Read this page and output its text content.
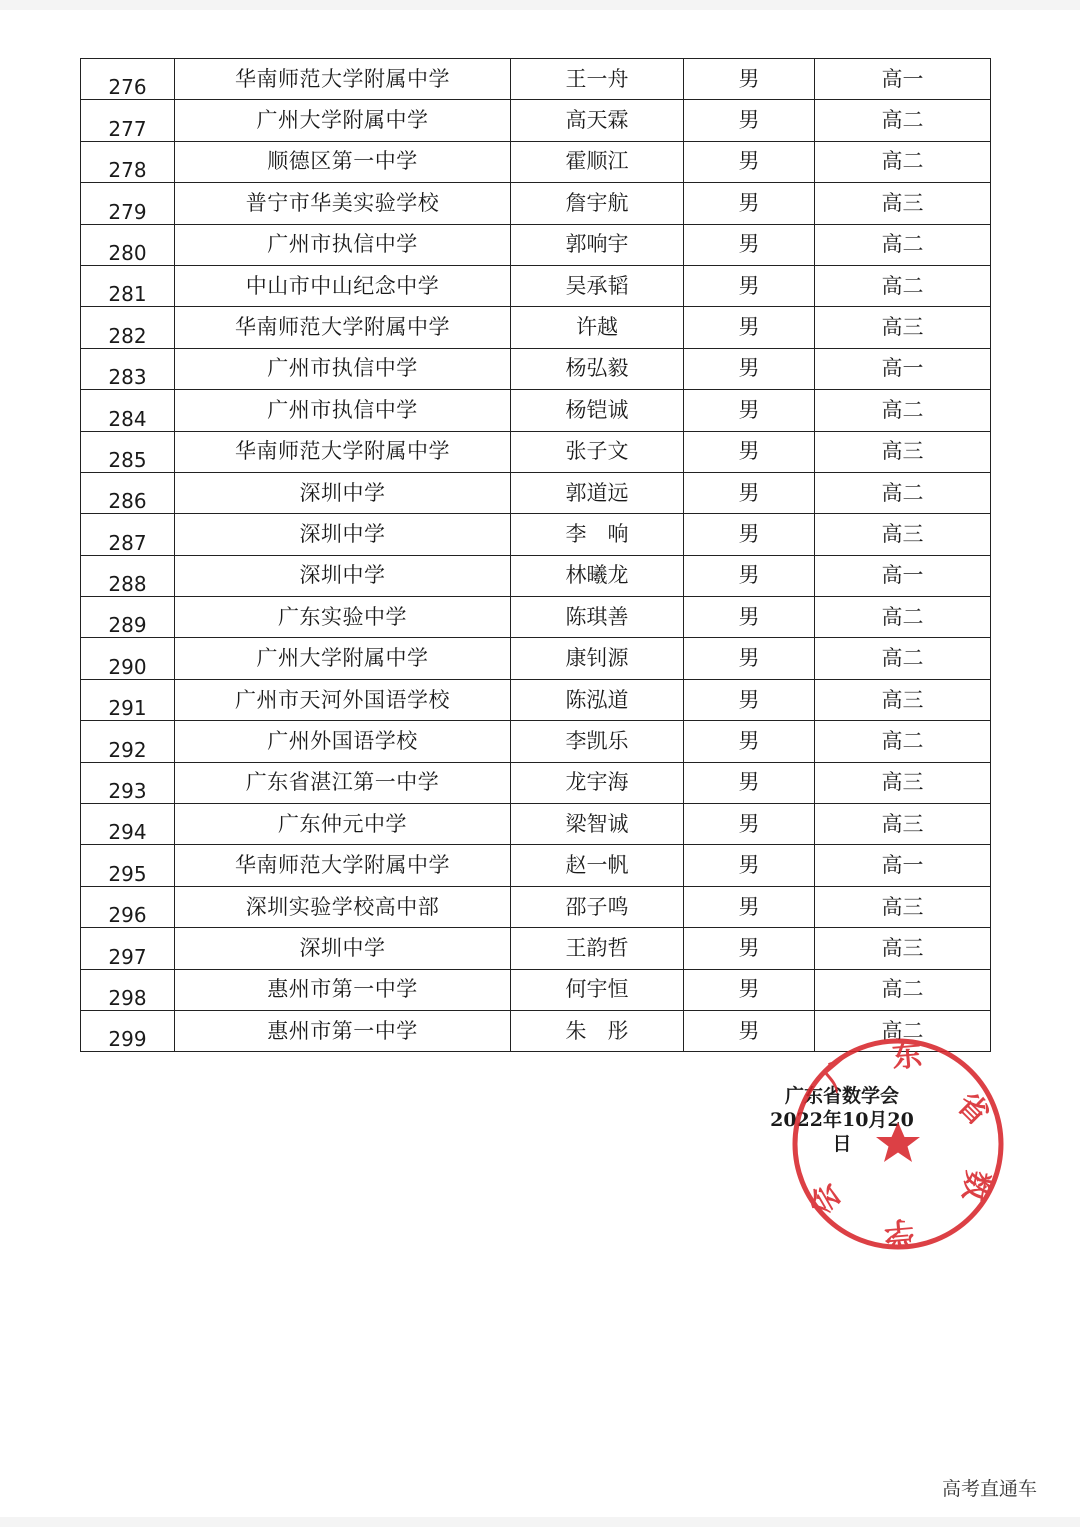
276	华南师范大学附属中学	王一舟	男	高一
277	广州大学附属中学	高天霖	男	高二
278	顺德区第一中学	霍顺江	男	高二
279	普宁市华美实验学校	詹宇航	男	高三
280	广州市执信中学	郭响宇	男	高二
281	中山市中山纪念中学	吴承韬	男	高二
282	华南师范大学附属中学	许越	男	高三
283	广州市执信中学	杨弘毅	男	高一
284	广州市执信中学	杨铠诚	男	高二
285	华南师范大学附属中学	张子文	男	高三
286	深圳中学	郭道远	男	高二
287	深圳中学	李　响	男	高三
288	深圳中学	林曦龙	男	高一
289	广东实验中学	陈琪善	男	高二
290	广州大学附属中学	康钊源	男	高二
291	广州市天河外国语学校	陈泓道	男	高三
292	广州外国语学校	李凯乐	男	高二
293	广东省湛江第一中学	龙宇海	男	高三
294	广东仲元中学	梁智诚	男	高三
295	华南师范大学附属中学	赵一帆	男	高一
296	深圳实验学校高中部	邵子鸣	男	高三
297	深圳中学	王韵哲	男	高三
298	惠州市第一中学	何宇恒	男	高二
299	惠州市第一中学	朱　彤	男	高二
广东省数学会
2022年10月20日
广 东
省
数
学
会
高考直通车
